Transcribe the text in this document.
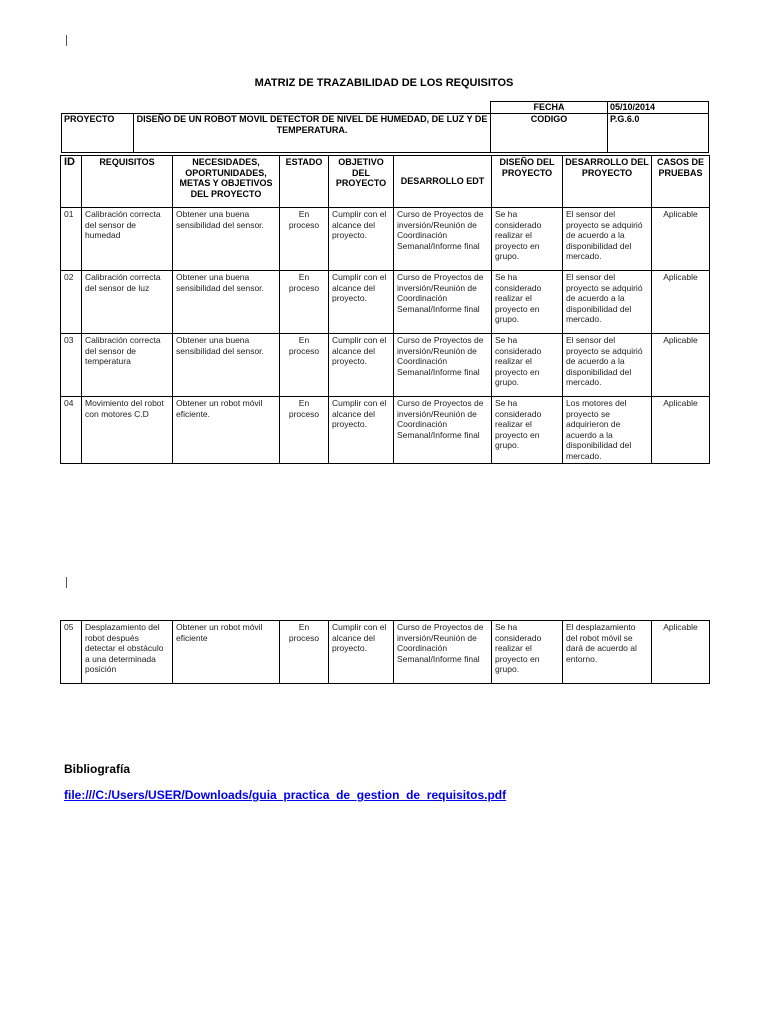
MATRIZ DE TRAZABILIDAD DE LOS REQUISITOS
		FECHA	05/10/2014
PROYECTO	DISEÑO DE UN ROBOT MOVIL DETECTOR DE NIVEL DE HUMEDAD, DE LUZ Y DE TEMPERATURA.	CODIGO	P.G.6.0
ID	REQUISITOS	NECESIDADES, OPORTUNIDADES, METAS Y OBJETIVOS DEL PROYECTO	ESTADO	OBJETIVO DEL PROYECTO	DESARROLLO EDT	DISEÑO DEL PROYECTO	DESARROLLO DEL PROYECTO	CASOS DE PRUEBAS
01	Calibración correcta del sensor de humedad	Obtener una buena sensibilidad del sensor.	En proceso	Cumplir con el alcance del proyecto.	Curso de Proyectos de inversión/Reunión de Coordinación Semanal/Informe final	Se ha considerado realizar el proyecto en grupo.	El sensor del proyecto se adquirió de acuerdo a la disponibilidad del mercado.	Aplicable
02	Calibración correcta del sensor de luz	Obtener una buena sensibilidad del sensor.	En proceso	Cumplir con el alcance del proyecto.	Curso de Proyectos de inversión/Reunión de Coordinación Semanal/Informe final	Se ha considerado realizar el proyecto en grupo.	El sensor del proyecto se adquirió de acuerdo a la disponibilidad del mercado.	Aplicable
03	Calibración correcta del sensor de temperatura	Obtener una buena sensibilidad del sensor.	En proceso	Cumplir con el alcance del proyecto.	Curso de Proyectos de inversión/Reunión de Coordinación Semanal/Informe final	Se ha considerado realizar el proyecto en grupo.	El sensor del proyecto se adquirió de acuerdo a la disponibilidad del mercado.	Aplicable
04	Movimiento del robot con motores C.D	Obtener un robot móvil eficiente.	En proceso	Cumplir con el alcance del proyecto.	Curso de Proyectos de inversión/Reunión de Coordinación Semanal/Informe final	Se ha considerado realizar el proyecto en grupo.	Los motores del proyecto se adquirieron de acuerdo a la disponibilidad del mercado.	Aplicable
05	Desplazamiento del robot después detectar el obstáculo a una determinada posición	Obtener un robot móvil eficiente	En proceso	Cumplir con el alcance del proyecto.	Curso de Proyectos de inversión/Reunión de Coordinación Semanal/Informe final	Se ha considerado realizar el proyecto en grupo.	El desplazamiento del robot móvil se dará de acuerdo al entorno.	Aplicable
Bibliografía
file:///C:/Users/USER/Downloads/guia_practica_de_gestion_de_requisitos.pdf
